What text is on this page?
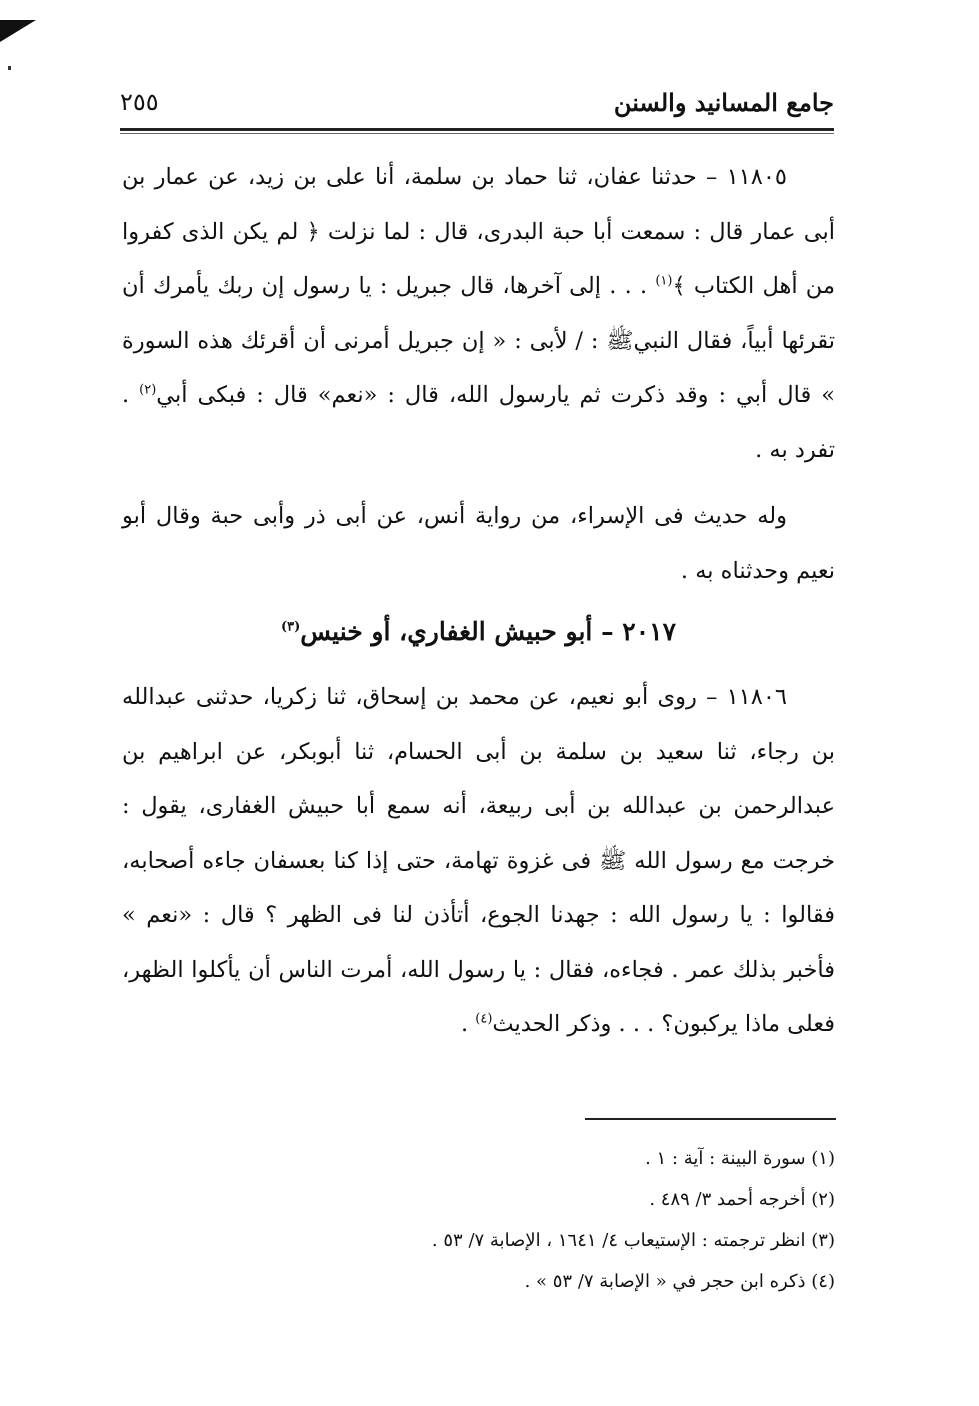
جامع المسانيد والسنن
٢٥٥

١١٨٠٥ – حدثنا عفان، ثنا حماد بن سلمة، أنا على بن زيد، عن عمار بن أبى عمار قال : سمعت أبا حبة البدرى، قال : لما نزلت ﴿ لم يكن الذى كفروا من أهل الكتاب ﴾$^{(١)}$ . . . إلى آخرها، قال جبريل : يا رسول إن ربك يأمرك أن تقرئها أبياً، فقال النبيﷺ : / لأبى : « إن جبريل أمرنى أن أقرئك هذه السورة » قال أبي : وقد ذكرت ثم يارسول الله، قال : «نعم» قال : فبكى أبي$^{(٢)}$ . تفرد به .

وله حديث فى الإسراء، من رواية أنس، عن أبى ذر وأبى حبة وقال أبو نعيم وحدثناه به .

٢٠١٧ – أبو حبيش الغفاري، أو خنيس$^{(٣)}$

١١٨٠٦ – روى أبو نعيم، عن محمد بن إسحاق، ثنا زكريا، حدثنى عبدالله بن رجاء، ثنا سعيد بن سلمة بن أبى الحسام، ثنا أبوبكر، عن ابراهيم بن عبدالرحمن بن عبدالله بن أبى ربيعة، أنه سمع أبا حبيش الغفارى، يقول : خرجت مع رسول الله ﷺ فى غزوة تهامة، حتى إذا كنا بعسفان جاءه أصحابه، فقالوا : يا رسول الله : جهدنا الجوع، أتأذن لنا فى الظهر ؟ قال : «نعم » فأخبر بذلك عمر . فجاءه، فقال : يا رسول الله، أمرت الناس أن يأكلوا الظهر، فعلى ماذا يركبون؟ . . . وذكر الحديث$^{(٤)}$ .

(١) سورة البينة : آية : ١ .

(٢) أخرجه أحمد ٣/ ٤٨٩ .

(٣) انظر ترجمته : الإستيعاب ٤/ ١٦٤١ ، الإصابة ٧/ ٥٣ .

(٤) ذكره ابن حجر في « الإصابة ٧/ ٥٣ » .
